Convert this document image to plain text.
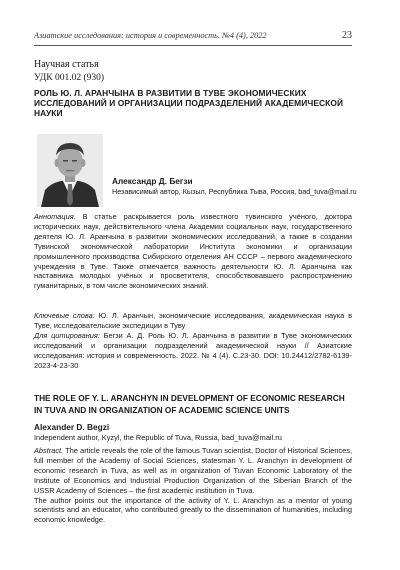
Азиатские исследования: история и современность. №4 (4), 2022	23
Научная статья
УДК 001.02 (930)
РОЛЬ Ю. Л. АРАНЧЫНА В РАЗВИТИИ В ТУВЕ ЭКОНОМИЧЕСКИХ ИССЛЕДОВАНИЙ И ОРГАНИЗАЦИИ ПОДРАЗДЕЛЕНИЙ АКАДЕМИЧЕСКОЙ НАУКИ
Александр Д. Бегзи
Независимый автор, Кызыл, Республика Тыва, Россия, bad_tuva@mail.ru
Аннотация. В статье раскрывается роль известного тувинского учёного, доктора исторических наук, действительного члена Академии социальных наук, государственного деятеля Ю. Л. Аранчына в развитии экономических исследований, а также в создании Тувинской экономической лаборатории Института экономики и организации промышленного производства Сибирского отделения АН СССР – первого академического учреждения в Туве. Также отмечается важность деятельности Ю. Л. Аранчына как наставника молодых учёных и просветителя, способствовавшего распространению гуманитарных, в том числе экономических знаний.
Ключевые слова: Ю. Л. Аранчын, экономические исследования, академическая наука в Туве, исследовательские экспедиции в Туву
Для цитирования: Бегзи А. Д. Роль Ю. Л. Аранчына в развитии в Туве экономических исследований и организации подразделений академической науки // Азиатские исследования: история и современность. 2022. № 4 (4). С.23-30. DOI: 10.24412/2782-6139-2023-4-23-30
THE ROLE OF Y. L. ARANCHYN IN DEVELOPMENT OF ECONOMIC RESEARCH IN TUVA AND IN ORGANIZATION OF ACADEMIC SCIENCE UNITS
Alexander D. Begzi
Independent author, Kyzyl, the Republic of Tuva, Russia, bad_tuva@mail.ru
Abstract. The article reveals the role of the famous Tuvan scientist, Doctor of Historical Sciences, full member of the Academy of Social Sciences, statesman Y. L. Aranchyn in development of economic research in Tuva, as well as in organization of Tuvan Economic Laboratory of the Institute of Economics and Industrial Production Organization of the Siberian Branch of the USSR Academy of Sciences – the first academic institution in Tuva.
The author points out the importance of the activity of Y. L. Aranchyn as a mentor of young scientists and an educator, who contributed greatly to the dissemination of humanities, including economic knowledge.
